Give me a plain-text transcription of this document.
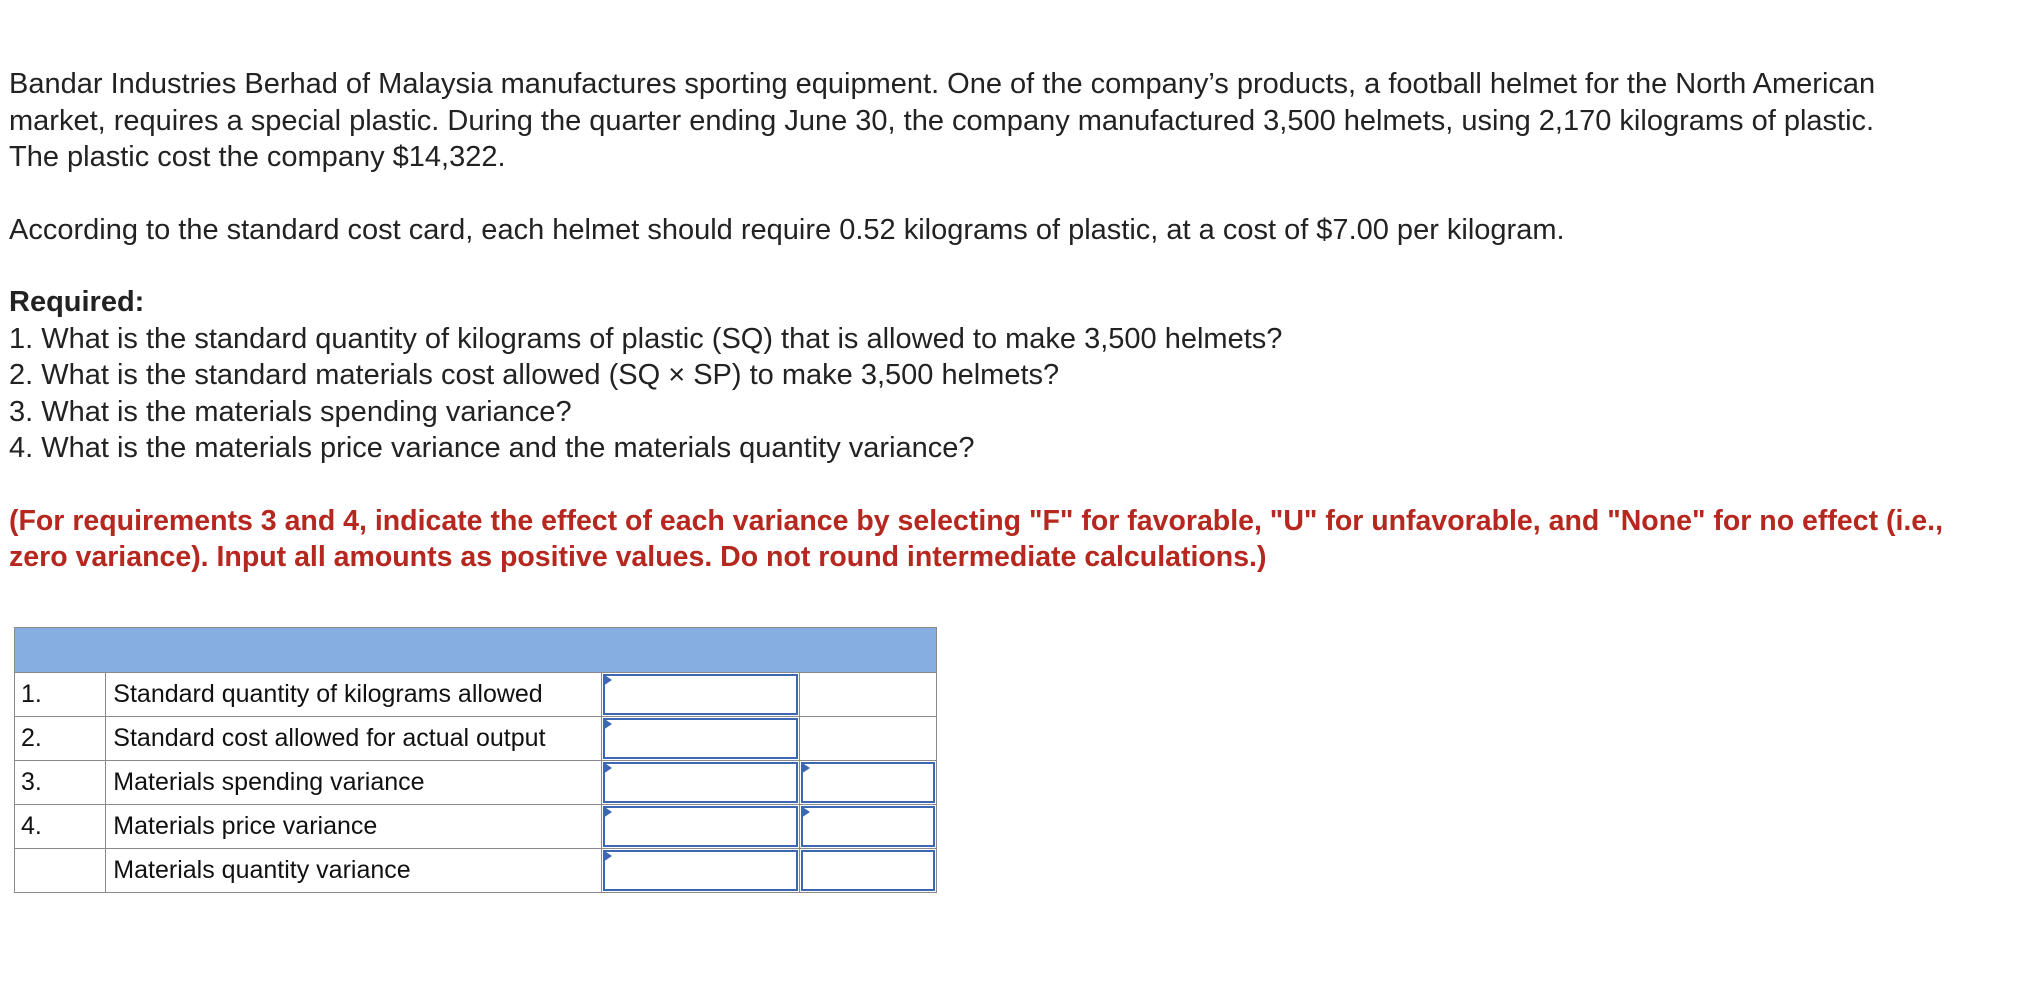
Bandar Industries Berhad of Malaysia manufactures sporting equipment. One of the company’s products, a football helmet for the North American market, requires a special plastic. During the quarter ending June 30, the company manufactured 3,500 helmets, using 2,170 kilograms of plastic. The plastic cost the company $14,322.

According to the standard cost card, each helmet should require 0.52 kilograms of plastic, at a cost of $7.00 per kilogram.

Required:

1. What is the standard quantity of kilograms of plastic (SQ) that is allowed to make 3,500 helmets?
2. What is the standard materials cost allowed (SQ × SP) to make 3,500 helmets?
3. What is the materials spending variance?
4. What is the materials price variance and the materials quantity variance?

(For requirements 3 and 4, indicate the effect of each variance by selecting "F" for favorable, "U" for unfavorable, and "None" for no effect (i.e., zero variance). Input all amounts as positive values. Do not round intermediate calculations.)

1.	Standard quantity of kilograms allowed	

2.	Standard cost allowed for actual output	

3.	Materials spending variance	

4.	Materials price variance	

	Materials quantity variance	
